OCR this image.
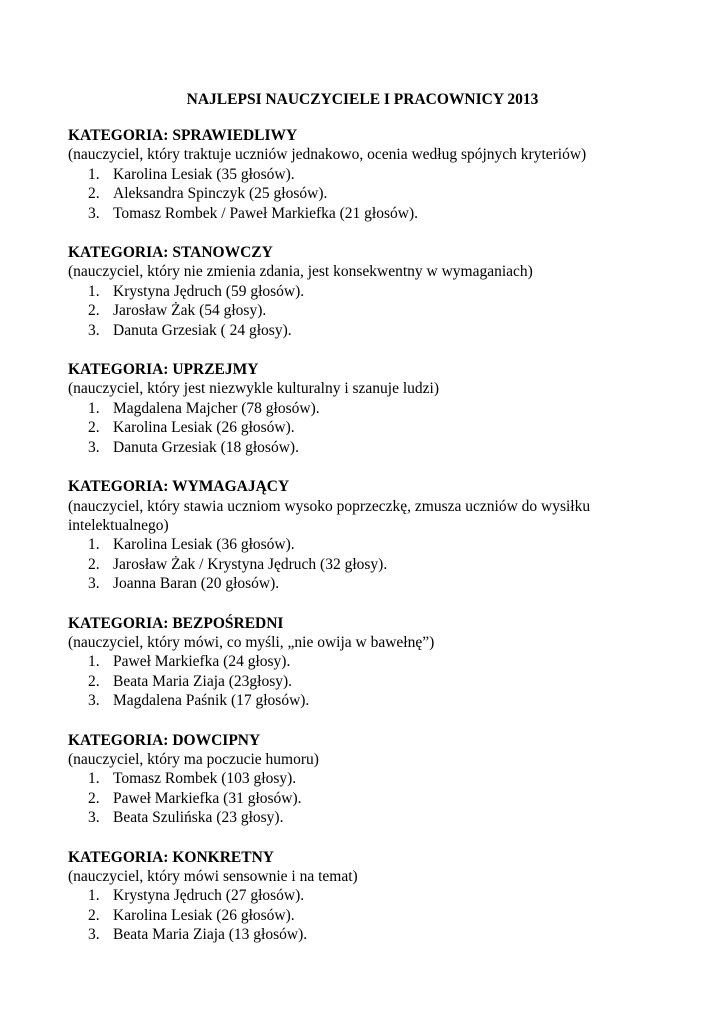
NAJLEPSI NAUCZYCIELE I PRACOWNICY 2013

KATEGORIA: SPRAWIEDLIWY

(nauczyciel, który traktuje uczniów jednakowo, ocenia według spójnych kryteriów)

1. Karolina Lesiak (35 głosów).
2. Aleksandra Spinczyk (25 głosów).
3. Tomasz Rombek / Paweł Markiefka (21 głosów).

KATEGORIA: STANOWCZY

(nauczyciel, który nie zmienia zdania, jest konsekwentny w wymaganiach)

1. Krystyna Jędruch (59 głosów).
2. Jarosław Żak (54 głosy).
3. Danuta Grzesiak ( 24 głosy).

KATEGORIA: UPRZEJMY

(nauczyciel, który jest niezwykle kulturalny i szanuje ludzi)

1. Magdalena Majcher (78 głosów).
2. Karolina Lesiak (26 głosów).
3. Danuta Grzesiak (18 głosów).

KATEGORIA: WYMAGAJĄCY

(nauczyciel, który stawia uczniom wysoko poprzeczkę, zmusza uczniów do wysiłku intelektualnego)

1. Karolina Lesiak (36 głosów).
2. Jarosław Żak / Krystyna Jędruch (32 głosy).
3. Joanna Baran (20 głosów).

KATEGORIA: BEZPOŚREDNI

(nauczyciel, który mówi, co myśli, „nie owija w bawełnę”)

1. Paweł Markiefka (24 głosy).
2. Beata Maria Ziaja (23głosy).
3. Magdalena Paśnik (17 głosów).

KATEGORIA: DOWCIPNY

(nauczyciel, który ma poczucie humoru)

1. Tomasz Rombek (103 głosy).
2. Paweł Markiefka (31 głosów).
3. Beata Szulińska (23 głosy).

KATEGORIA: KONKRETNY

(nauczyciel, który mówi sensownie i na temat)

1. Krystyna Jędruch (27 głosów).
2. Karolina Lesiak (26 głosów).
3. Beata Maria Ziaja (13 głosów).
